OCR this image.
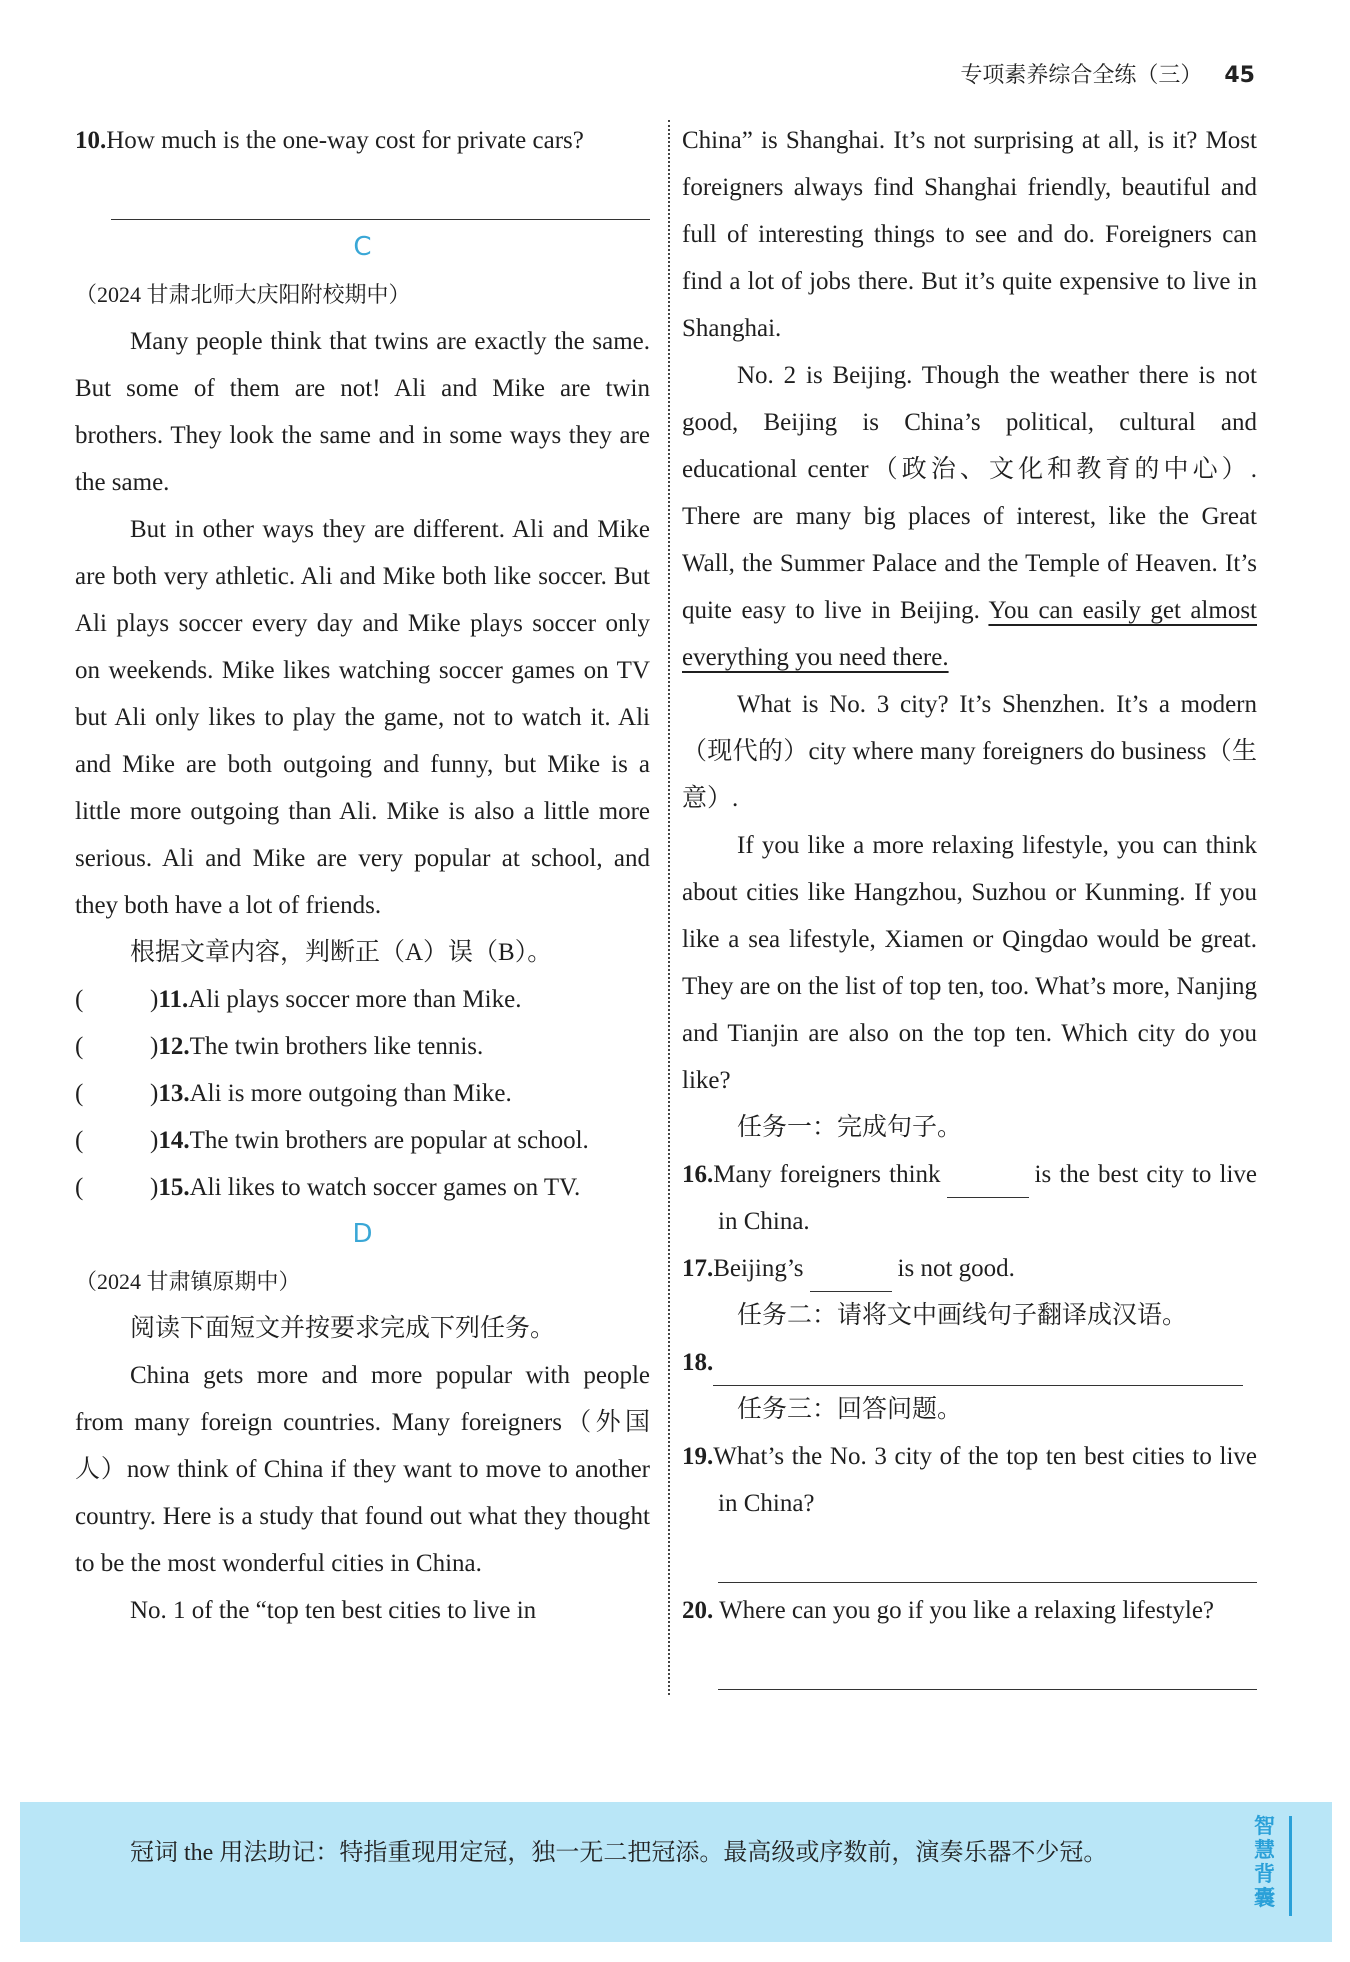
专项素养综合全练（三） 45

10.How much is the one-way cost for private cars?

C

（2024 甘肃北师大庆阳附校期中）

Many people think that twins are exactly the same. But some of them are not! Ali and Mike are twin brothers. They look the same and in some ways they are the same.

But in other ways they are different. Ali and Mike are both very athletic. Ali and Mike both like soccer. But Ali plays soccer every day and Mike plays soccer only on weekends. Mike likes watching soccer games on TV but Ali only likes to play the game, not to watch it. Ali and Mike are both outgoing and funny, but Mike is a little more outgoing than Ali. Mike is also a little more serious. Ali and Mike are very popular at school, and they both have a lot of friends.

根据文章内容，判断正（A）误（B）。

(	) 11. Ali plays soccer more than Mike.
(	) 12. The twin brothers like tennis.
(	) 13. Ali is more outgoing than Mike.
(	) 14. The twin brothers are popular at school.
(	) 15. Ali likes to watch soccer games on TV.

D

（2024 甘肃镇原期中）

阅读下面短文并按要求完成下列任务。

China gets more and more popular with people from many foreign countries. Many foreigners（外国人）now think of China if they want to move to another country. Here is a study that found out what they thought to be the most wonderful cities in China.

No. 1 of the “top ten best cities to live in

China” is Shanghai. It’s not surprising at all, is it? Most foreigners always find Shanghai friendly, beautiful and full of interesting things to see and do. Foreigners can find a lot of jobs there. But it’s quite expensive to live in Shanghai.

No. 2 is Beijing. Though the weather there is not good, Beijing is China’s political, cultural and educational center（政治、文化和教育的中心）. There are many big places of interest, like the Great Wall, the Summer Palace and the Temple of Heaven. It’s quite easy to live in Beijing. You can easily get almost everything you need there.

What is No. 3 city? It’s Shenzhen. It’s a modern（现代的）city where many foreigners do business（生意）.

If you like a more relaxing lifestyle, you can think about cities like Hangzhou, Suzhou or Kunming. If you like a sea lifestyle, Xiamen or Qingdao would be great. They are on the list of top ten, too. What’s more, Nanjing and Tianjin are also on the top ten. Which city do you like?

任务一：完成句子。

16.Many foreigners think	is the best city to live in China.

17.Beijing’s	is not good.

任务二：请将文中画线句子翻译成汉语。

18.

任务三：回答问题。

19.What’s the No. 3 city of the top ten best cities to live in China?

20. Where can you go if you like a relaxing lifestyle?

冠词 the 用法助记：特指重现用定冠，独一无二把冠添。最高级或序数前，演奏乐器不少冠。
智慧背囊
